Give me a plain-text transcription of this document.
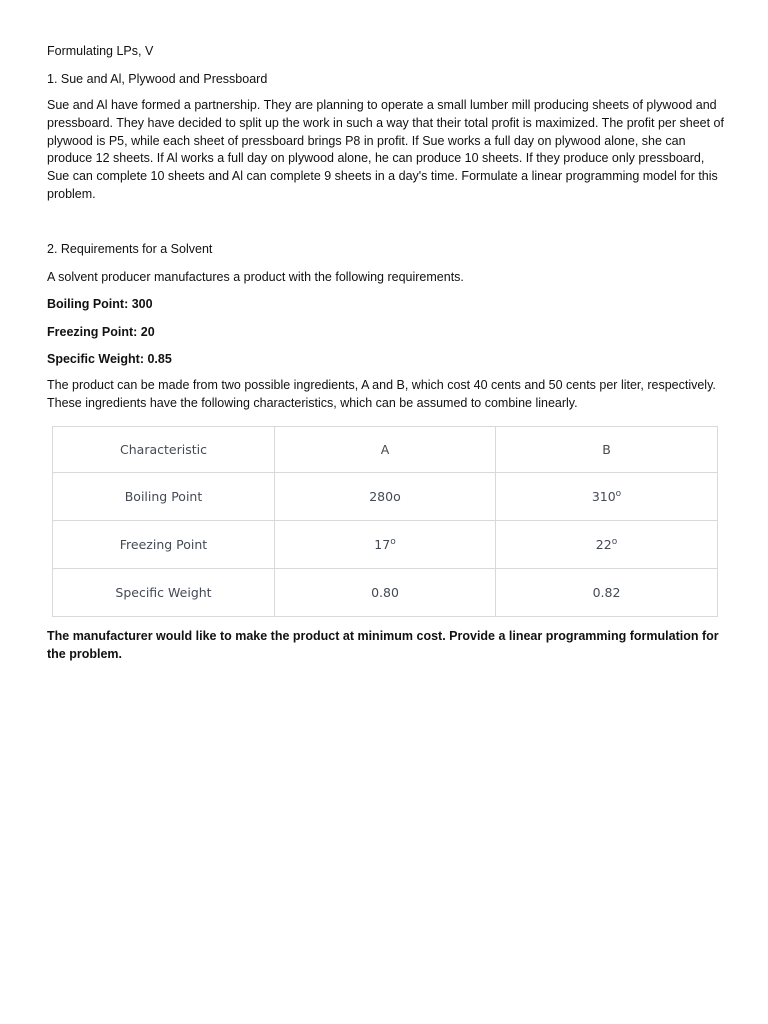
Formulating LPs, V

1. Sue and Al, Plywood and Pressboard

Sue and Al have formed a partnership. They are planning to operate a small lumber mill producing sheets of plywood and pressboard. They have decided to split up the work in such a way that their total profit is maximized. The profit per sheet of plywood is P5, while each sheet of pressboard brings P8 in profit. If Sue works a full day on plywood alone, she can produce 12 sheets. If Al works a full day on plywood alone, he can produce 10 sheets. If they produce only pressboard, Sue can complete 10 sheets and Al can complete 9 sheets in a day's time. Formulate a linear programming model for this problem.

2. Requirements for a Solvent

A solvent producer manufactures a product with the following requirements.

Boiling Point: 300

Freezing Point: 20

Specific Weight: 0.85

The product can be made from two possible ingredients, A and B, which cost 40 cents and 50 cents per liter, respectively. These ingredients have the following characteristics, which can be assumed to combine linearly.

Characteristic	A	B
Boiling Point	280o	310$^o$
Freezing Point	17$^o$	22$^o$
Specific Weight	0.80	0.82

The manufacturer would like to make the product at minimum cost. Provide a linear programming formulation for the problem.
